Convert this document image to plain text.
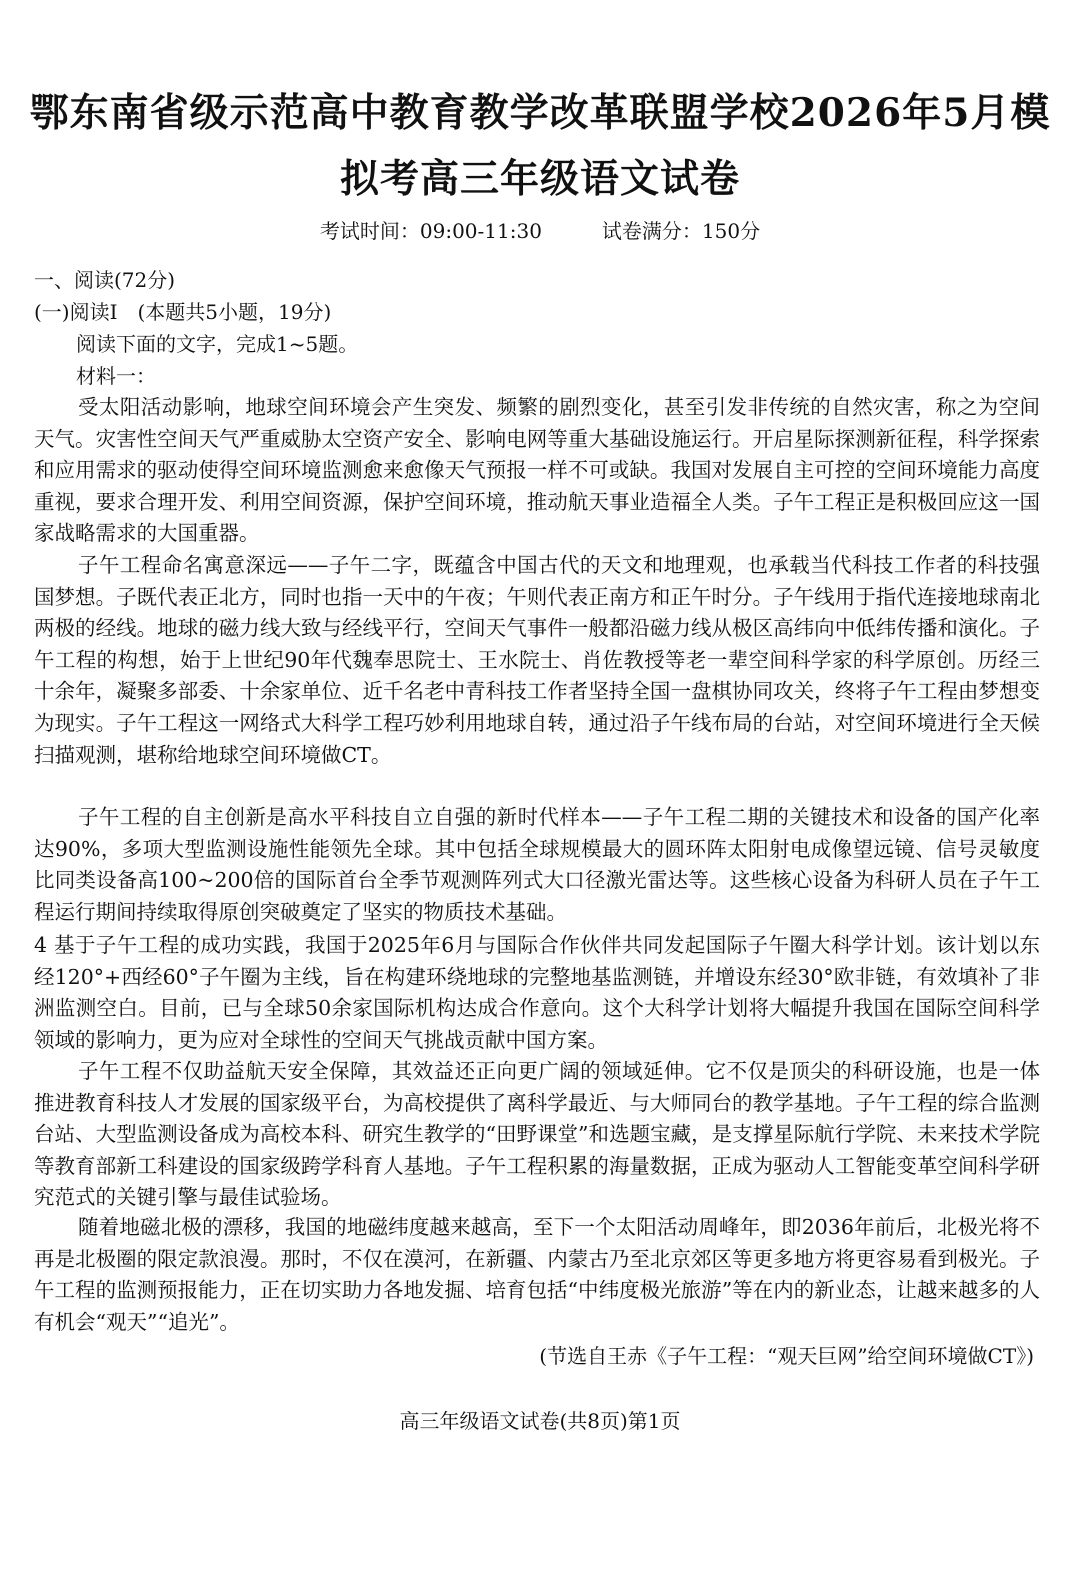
鄂东南省级示范高中教育教学改革联盟学校2026年5月模
拟考高三年级语文试卷
考试时间：09:00-11:30	试卷满分：150分
一、阅读(72分)
(一)阅读I　(本题共5小题，19分)
阅读下面的文字，完成1~5题。
材料一：
受太阳活动影响，地球空间环境会产生突发、频繁的剧烈变化，甚至引发非传统的自然灾害，称之为空间天气。灾害性空间天气严重威胁太空资产安全、影响电网等重大基础设施运行。开启星际探测新征程，科学探索和应用需求的驱动使得空间环境监测愈来愈像天气预报一样不可或缺。我国对发展自主可控的空间环境能力高度重视，要求合理开发、利用空间资源，保护空间环境，推动航天事业造福全人类。子午工程正是积极回应这一国家战略需求的大国重器。
子午工程命名寓意深远——子午二字，既蕴含中国古代的天文和地理观，也承载当代科技工作者的科技强国梦想。子既代表正北方，同时也指一天中的午夜；午则代表正南方和正午时分。子午线用于指代连接地球南北两极的经线。地球的磁力线大致与经线平行，空间天气事件一般都沿磁力线从极区高纬向中低纬传播和演化。子午工程的构想，始于上世纪90年代魏奉思院士、王水院士、肖佐教授等老一辈空间科学家的科学原创。历经三十余年，凝聚多部委、十余家单位、近千名老中青科技工作者坚持全国一盘棋协同攻关，终将子午工程由梦想变为现实。子午工程这一网络式大科学工程巧妙利用地球自转，通过沿子午线布局的台站，对空间环境进行全天候扫描观测，堪称给地球空间环境做CT。
子午工程的自主创新是高水平科技自立自强的新时代样本——子午工程二期的关键技术和设备的国产化率达90%，多项大型监测设施性能领先全球。其中包括全球规模最大的圆环阵太阳射电成像望远镜、信号灵敏度比同类设备高100~200倍的国际首台全季节观测阵列式大口径激光雷达等。这些核心设备为科研人员在子午工程运行期间持续取得原创突破奠定了坚实的物质技术基础。
4 基于子午工程的成功实践，我国于2025年6月与国际合作伙伴共同发起国际子午圈大科学计划。该计划以东经120°+西经60°子午圈为主线，旨在构建环绕地球的完整地基监测链，并增设东经30°欧非链，有效填补了非洲监测空白。目前，已与全球50余家国际机构达成合作意向。这个大科学计划将大幅提升我国在国际空间科学领域的影响力，更为应对全球性的空间天气挑战贡献中国方案。
子午工程不仅助益航天安全保障，其效益还正向更广阔的领域延伸。它不仅是顶尖的科研设施，也是一体推进教育科技人才发展的国家级平台，为高校提供了离科学最近、与大师同台的教学基地。子午工程的综合监测台站、大型监测设备成为高校本科、研究生教学的“田野课堂”和选题宝藏，是支撑星际航行学院、未来技术学院等教育部新工科建设的国家级跨学科育人基地。子午工程积累的海量数据，正成为驱动人工智能变革空间科学研究范式的关键引擎与最佳试验场。
随着地磁北极的漂移，我国的地磁纬度越来越高，至下一个太阳活动周峰年，即2036年前后，北极光将不再是北极圈的限定款浪漫。那时，不仅在漠河，在新疆、内蒙古乃至北京郊区等更多地方将更容易看到极光。子午工程的监测预报能力，正在切实助力各地发掘、培育包括“中纬度极光旅游”等在内的新业态，让越来越多的人有机会“观天”“追光”。
(节选自王赤《子午工程：“观天巨网”给空间环境做CT》)
高三年级语文试卷(共8页)第1页
